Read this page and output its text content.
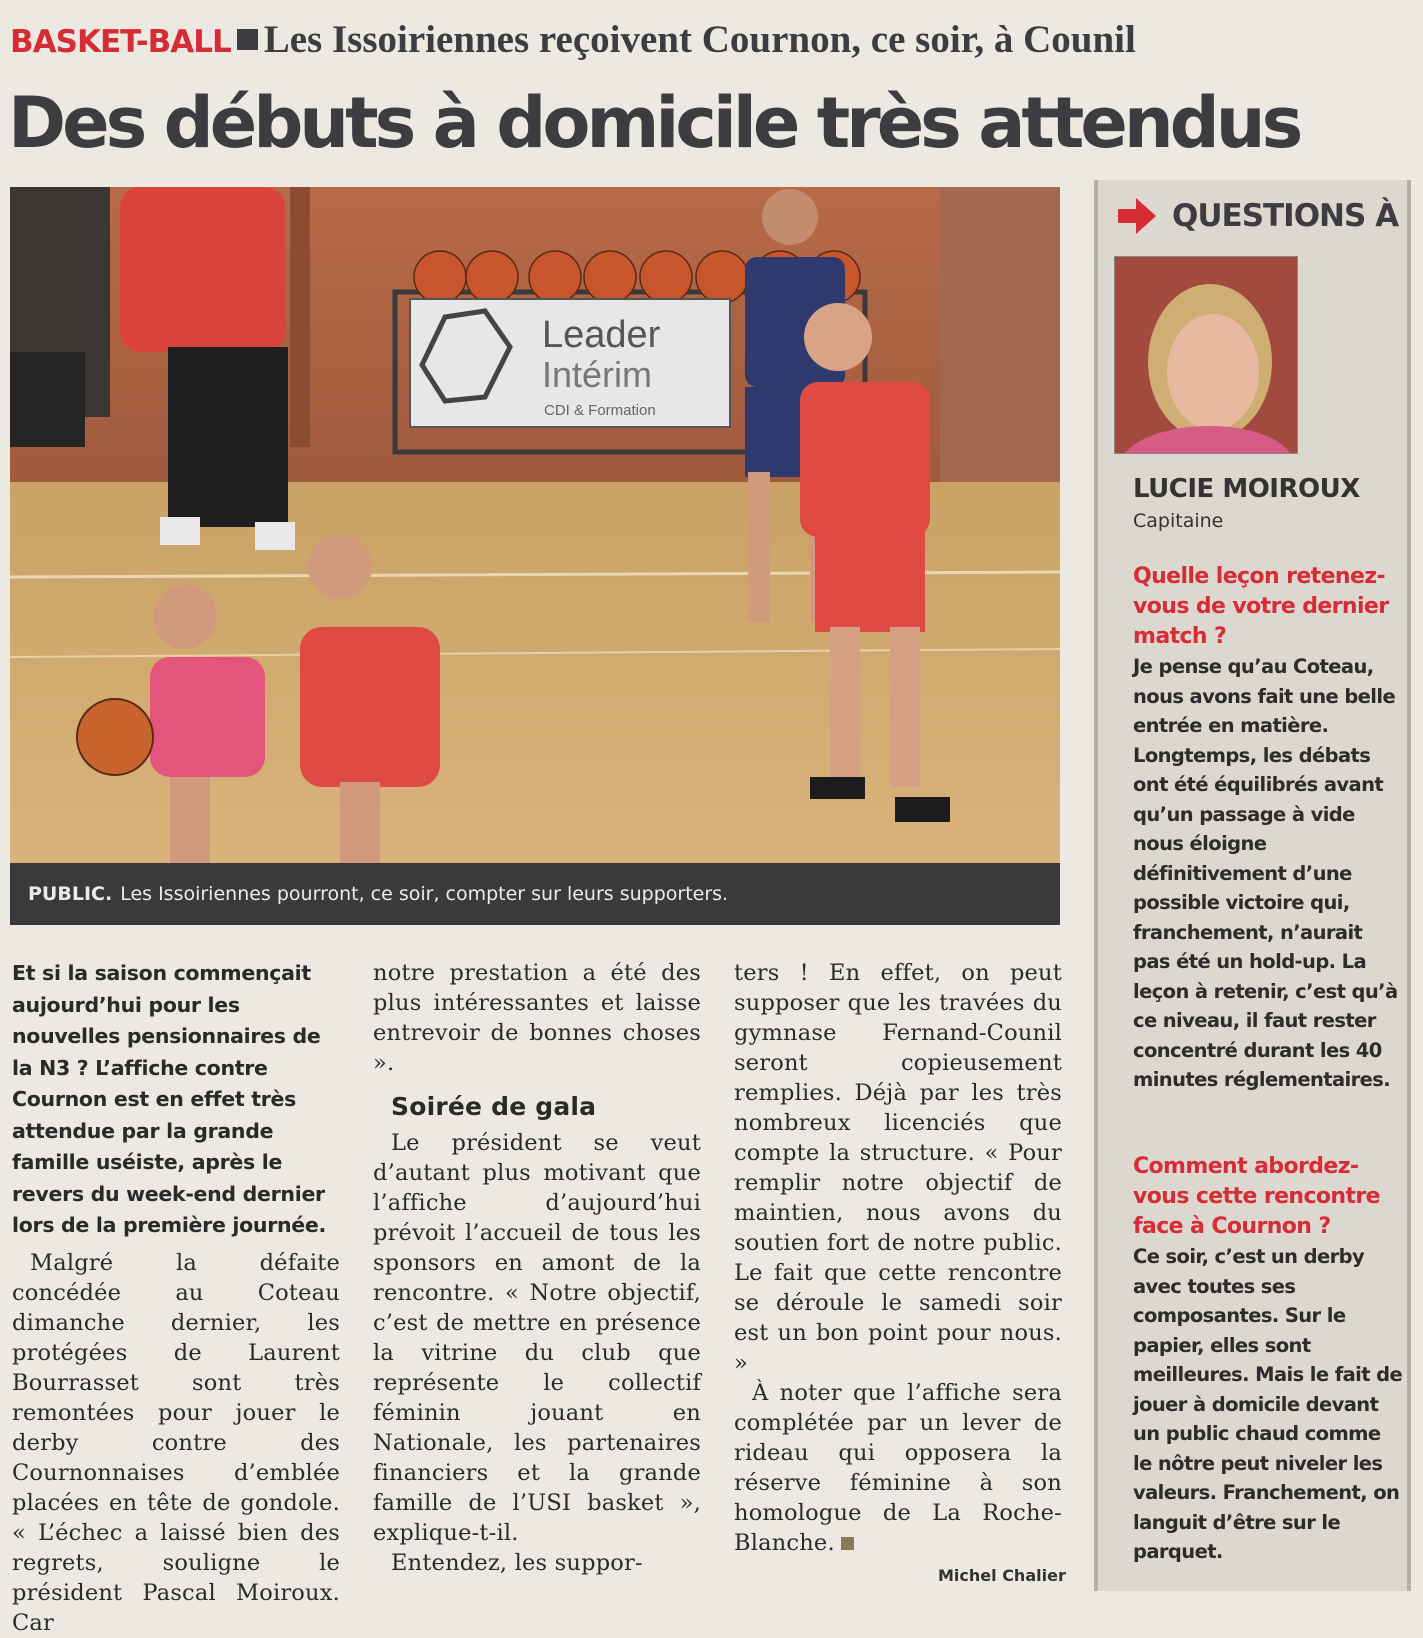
BASKET-BALL Les Issoiriennes reçoivent Cournon, ce soir, à Counil
Des débuts à domicile très attendus
Leader
Intérim
CDI & Formation
PUBLIC. Les Issoiriennes pourront, ce soir, compter sur leurs supporters.

Et si la saison commençait aujourd’hui pour les nouvelles pensionnaires de la N3 ? L’affiche contre Cournon est en effet très attendue par la grande famille uséiste, après le revers du week-end dernier lors de la première journée.

Malgré la défaite concédée au Coteau dimanche dernier, les protégées de Laurent Bourrasset sont très remontées pour jouer le derby contre des Cournonnaises d’emblée placées en tête de gondole. « L’échec a laissé bien des regrets, souligne le président Pascal Moiroux. Car

notre prestation a été des plus intéressantes et laisse entrevoir de bonnes choses ».

Soirée de gala

Le président se veut d’autant plus motivant que l’affiche d’aujourd’hui prévoit l’accueil de tous les sponsors en amont de la rencontre. « Notre objectif, c’est de mettre en présence la vitrine du club que représente le collectif féminin jouant en Nationale, les partenaires financiers et la grande famille de l’USI basket », explique-t-il.

Entendez, les suppor-

ters ! En effet, on peut supposer que les travées du gymnase Fernand-Counil seront copieusement remplies. Déjà par les très nombreux licenciés que compte la structure. « Pour remplir notre objectif de maintien, nous avons du soutien fort de notre public. Le fait que cette rencontre se déroule le samedi soir est un bon point pour nous. »

À noter que l’affiche sera complétée par un lever de rideau qui opposera la réserve féminine à son homologue de La Roche-Blanche.

Michel Chalier
QUESTIONS À
LUCIE MOIROUX
Capitaine
Quelle leçon retenez-vous de votre dernier match ?
Je pense qu’au Coteau, nous avons fait une belle entrée en matière. Longtemps, les débats ont été équilibrés avant qu’un passage à vide nous éloigne définitivement d’une possible victoire qui, franchement, n’aurait pas été un hold-up. La leçon à retenir, c’est qu’à ce niveau, il faut rester concentré durant les 40 minutes réglementaires.
Comment abordez-vous cette rencontre face à Cournon ?
Ce soir, c’est un derby avec toutes ses composantes. Sur le papier, elles sont meilleures. Mais le fait de jouer à domicile devant un public chaud comme le nôtre peut niveler les valeurs. Franchement, on languit d’être sur le parquet.
